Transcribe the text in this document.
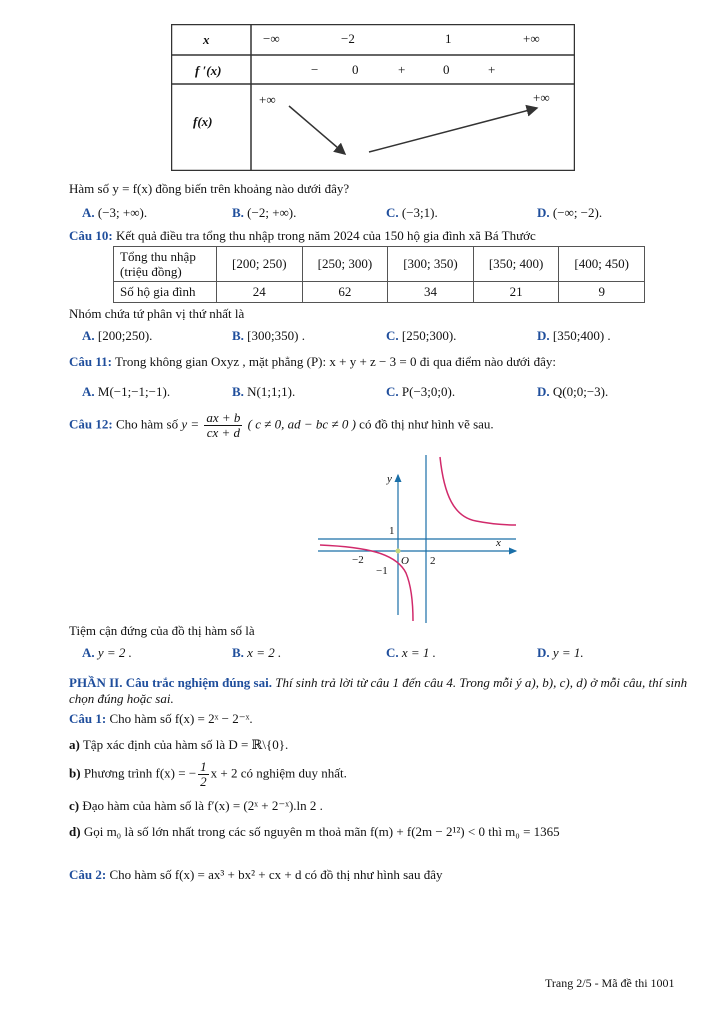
x	−∞	−2	1	+∞
f ′(x)	−	0	+	0	+
f(x)
+∞	+∞
Hàm số y = f(x) đồng biến trên khoảng nào dưới đây?
A. (−3; +∞).	B. (−2; +∞).	C. (−3;1).	D. (−∞; −2).
Câu 10: Kết quả điều tra tổng thu nhập trong năm 2024 của 150 hộ gia đình xã Bá Thước
Tổng thu nhập (triệu đồng)	[200; 250)	[250; 300)	[300; 350)	[350; 400)	[400; 450)
Số hộ gia đình	24	62	34	21	9
Nhóm chứa tứ phân vị thứ nhất là
A. [200;250).	B. [300;350) .	C. [250;300).	D. [350;400) .
Câu 11: Trong không gian Oxyz , mặt phẳng (P): x + y + z − 3 = 0 đi qua điểm nào dưới đây:
A. M(−1;−1;−1).	B. N(1;1;1).	C. P(−3;0;0).	D. Q(0;0;−3).
Câu 12: Cho hàm số $y = \frac{ax + b}{cx + d}$ ( c ≠ 0, ad − bc ≠ 0 ) có đồ thị như hình vẽ sau.
y
x
O
1
−1
−2	2
Tiệm cận đứng của đồ thị hàm số là
A. y = 2 .	B. x = 2 .	C. x = 1 .	D. y = 1.
PHẦN II. Câu trắc nghiệm đúng sai. Thí sinh trả lời từ câu 1 đến câu 4. Trong mỗi ý a), b), c), d) ở mỗi câu, thí sinh chọn đúng hoặc sai.
Câu 1: Cho hàm số f(x) = 2ˣ − 2⁻ˣ.
a) Tập xác định của hàm số là D = ℝ\{0}.
b) Phương trình f(x) = − $\frac{1}{2}$ x + 2 có nghiệm duy nhất.
c) Đạo hàm của hàm số là f′(x) = (2ˣ + 2⁻ˣ).ln 2 .
d) Gọi m₀ là số lớn nhất trong các số nguyên m thoả mãn f(m) + f(2m − 2¹²) < 0 thì m₀ = 1365
Câu 2: Cho hàm số f(x) = ax³ + bx² + cx + d có đồ thị như hình sau đây
Trang 2/5 - Mã đề thi 1001
